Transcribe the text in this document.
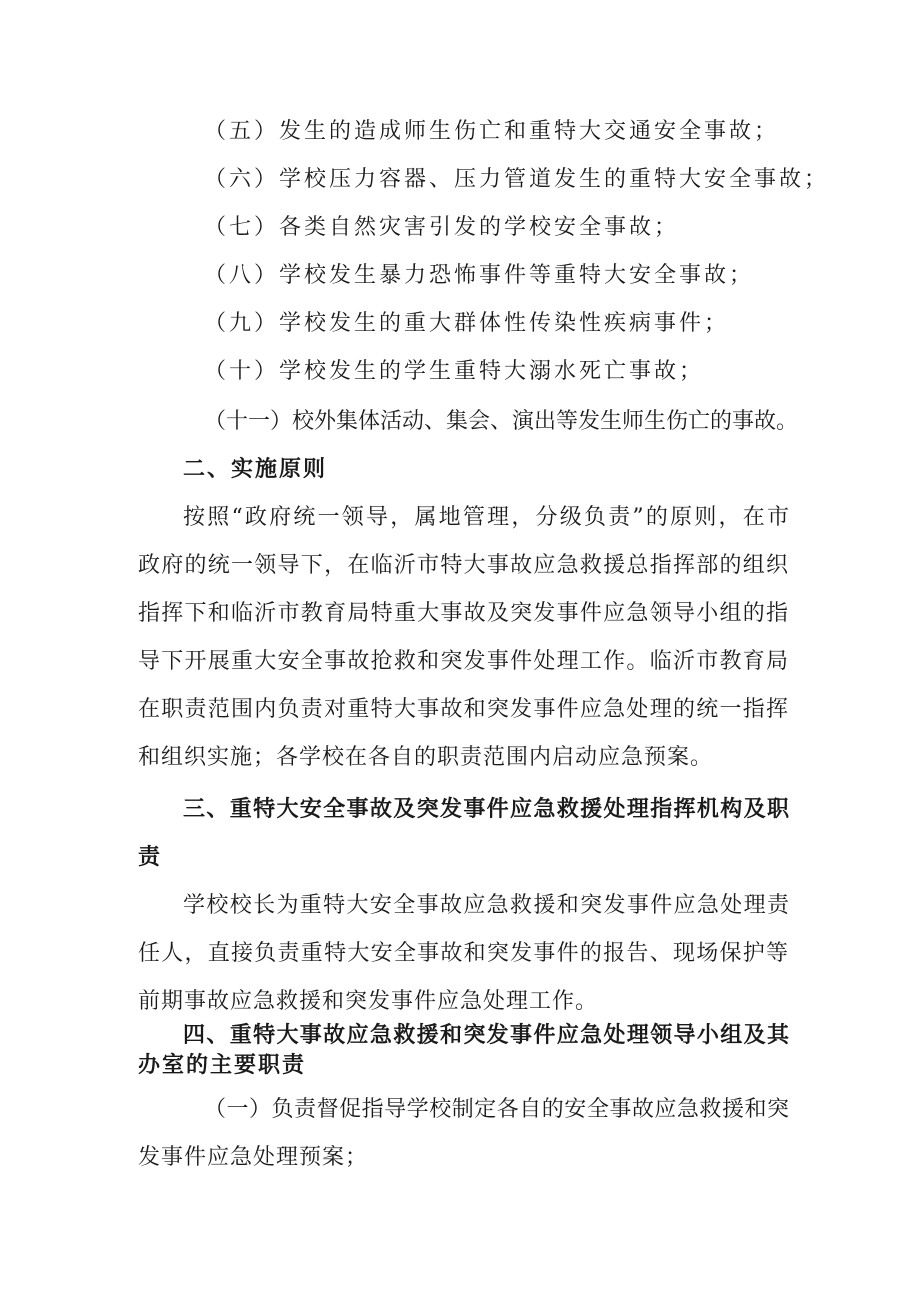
（五）发生的造成师生伤亡和重特大交通安全事故；
（六）学校压力容器、压力管道发生的重特大安全事故；
（七）各类自然灾害引发的学校安全事故；
（八）学校发生暴力恐怖事件等重特大安全事故；
（九）学校发生的重大群体性传染性疾病事件；
（十）学校发生的学生重特大溺水死亡事故；
（十一）校外集体活动、集会、演出等发生师生伤亡的事故。
二、实施原则
按照“政府统一领导，属地管理，分级负责”的原则，在市
政府的统一领导下，在临沂市特大事故应急救援总指挥部的组织
指挥下和临沂市教育局特重大事故及突发事件应急领导小组的指
导下开展重大安全事故抢救和突发事件处理工作。临沂市教育局
在职责范围内负责对重特大事故和突发事件应急处理的统一指挥
和组织实施；各学校在各自的职责范围内启动应急预案。
三、重特大安全事故及突发事件应急救援处理指挥机构及职
责
学校校长为重特大安全事故应急救援和突发事件应急处理责
任人，直接负责重特大安全事故和突发事件的报告、现场保护等
前期事故应急救援和突发事件应急处理工作。
四、重特大事故应急救援和突发事件应急处理领导小组及其
办室的主要职责
（一）负责督促指导学校制定各自的安全事故应急救援和突
发事件应急处理预案；
